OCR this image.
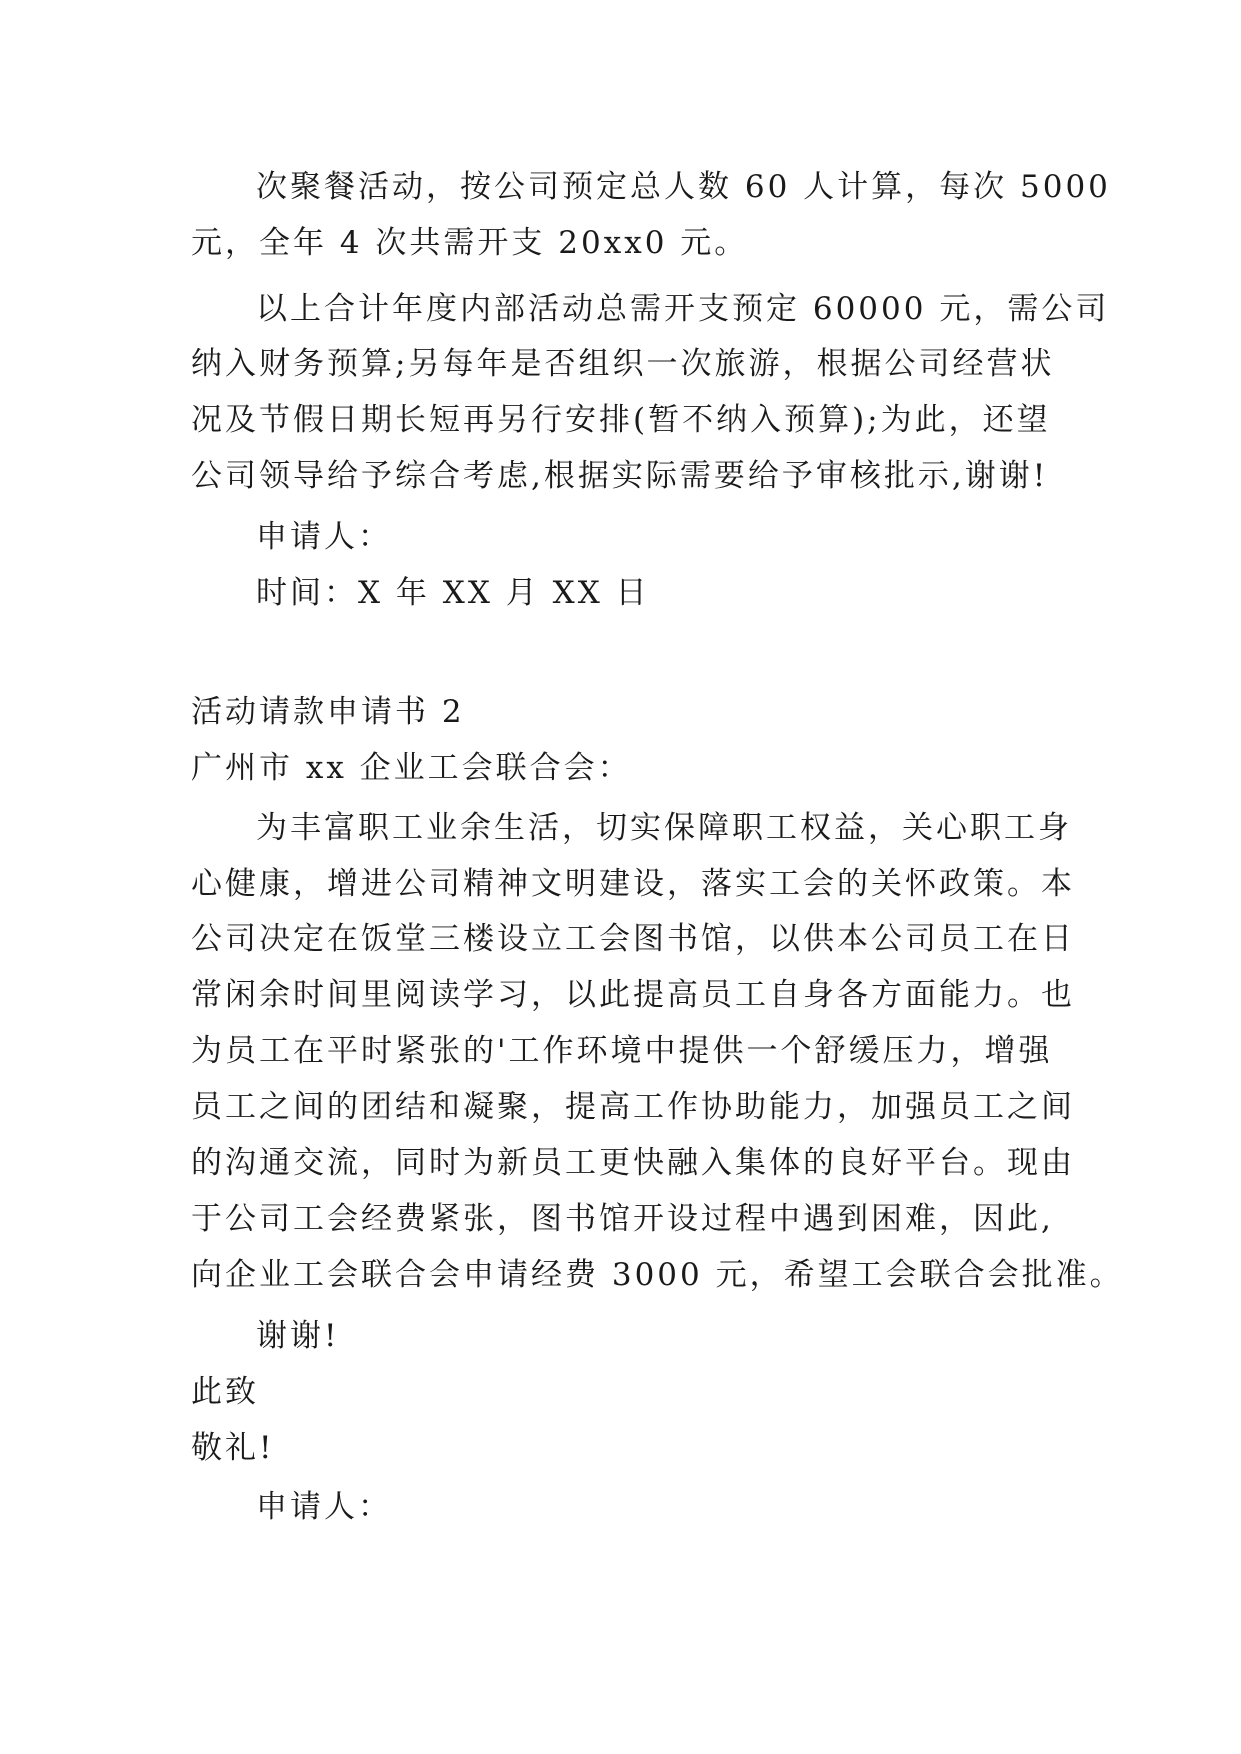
次聚餐活动，按公司预定总人数 60 人计算，每次 5000
元，全年 4 次共需开支 20xx0 元。
以上合计年度内部活动总需开支预定 60000 元，需公司
纳入财务预算;另每年是否组织一次旅游，根据公司经营状
况及节假日期长短再另行安排(暂不纳入预算);为此，还望
公司领导给予综合考虑,根据实际需要给予审核批示,谢谢!
申请人：
时间：X 年 XX 月 XX 日
活动请款申请书 2
广州市 xx 企业工会联合会：
为丰富职工业余生活，切实保障职工权益，关心职工身
心健康，增进公司精神文明建设，落实工会的关怀政策。本
公司决定在饭堂三楼设立工会图书馆，以供本公司员工在日
常闲余时间里阅读学习，以此提高员工自身各方面能力。也
为员工在平时紧张的'工作环境中提供一个舒缓压力，增强
员工之间的团结和凝聚，提高工作协助能力，加强员工之间
的沟通交流，同时为新员工更快融入集体的良好平台。现由
于公司工会经费紧张，图书馆开设过程中遇到困难，因此,
向企业工会联合会申请经费 3000 元，希望工会联合会批准。
谢谢!
此致
敬礼!
申请人：
